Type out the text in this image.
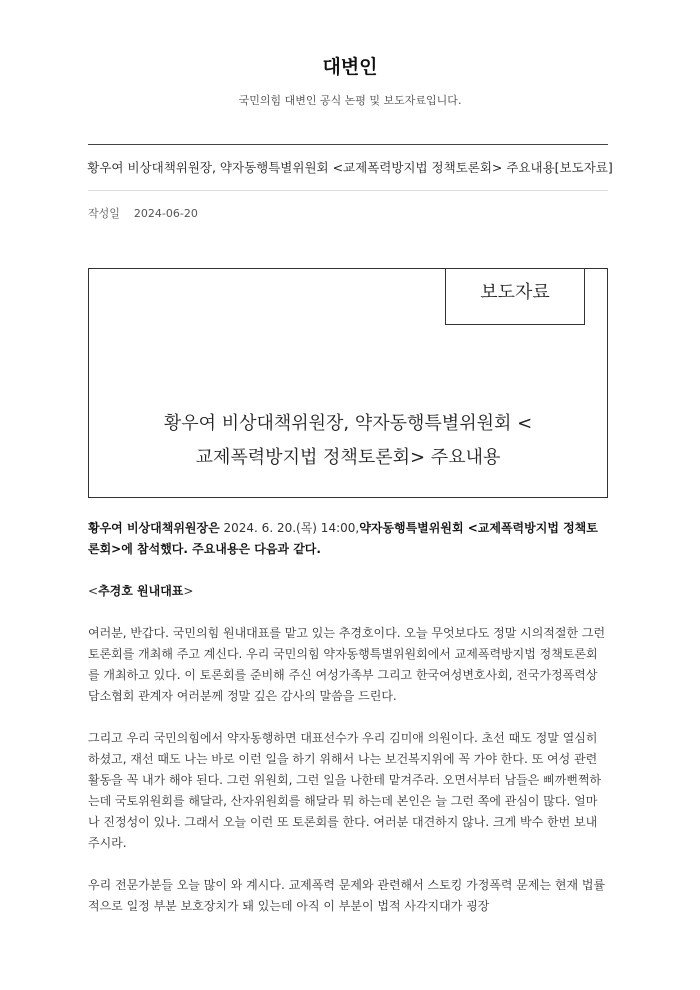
대변인
국민의힘 대변인 공식 논평 및 보도자료입니다.
황우여 비상대책위원장, 약자동행특별위원회 <교제폭력방지법 정책토론회> 주요내용[보도자료]
작성일 2024-06-20
보도자료
황우여 비상대책위원장, 약자동행특별위원회 <
교제폭력방지법 정책토론회> 주요내용

황우여 비상대책위원장은 2024. 6. 20.(목) 14:00,약자동행특별위원회 <교제폭력방지법 정책토론회>에 참석했다. 주요내용은 다음과 같다.

<추경호 원내대표>

여러분, 반갑다. 국민의힘 원내대표를 맡고 있는 추경호이다. 오늘 무엇보다도 정말 시의적절한 그런 토론회를 개최해 주고 계신다. 우리 국민의힘 약자동행특별위원회에서 교제폭력방지법 정책토론회를 개최하고 있다. 이 토론회를 준비해 주신 여성가족부 그리고 한국여성변호사회, 전국가정폭력상담소협회 관계자 여러분께 정말 깊은 감사의 말씀을 드린다.

그리고 우리 국민의힘에서 약자동행하면 대표선수가 우리 김미애 의원이다. 초선 때도 정말 열심히 하셨고, 재선 때도 나는 바로 이런 일을 하기 위해서 나는 보건복지위에 꼭 가야 한다. 또 여성 관련 활동을 꼭 내가 해야 된다. 그런 위원회, 그런 일을 나한테 맡겨주라. 오면서부터 남들은 삐까뻔쩍하는데 국토위원회를 해달라, 산자위원회를 해달라 뭐 하는데 본인은 늘 그런 쪽에 관심이 많다. 얼마나 진정성이 있나. 그래서 오늘 이런 또 토론회를 한다. 여러분 대견하지 않나. 크게 박수 한번 보내주시라.

우리 전문가분들 오늘 많이 와 계시다. 교제폭력 문제와 관련해서 스토킹 가정폭력 문제는 현재 법률적으로 일정 부분 보호장치가 돼 있는데 아직 이 부분이 법적 사각지대가 굉장
